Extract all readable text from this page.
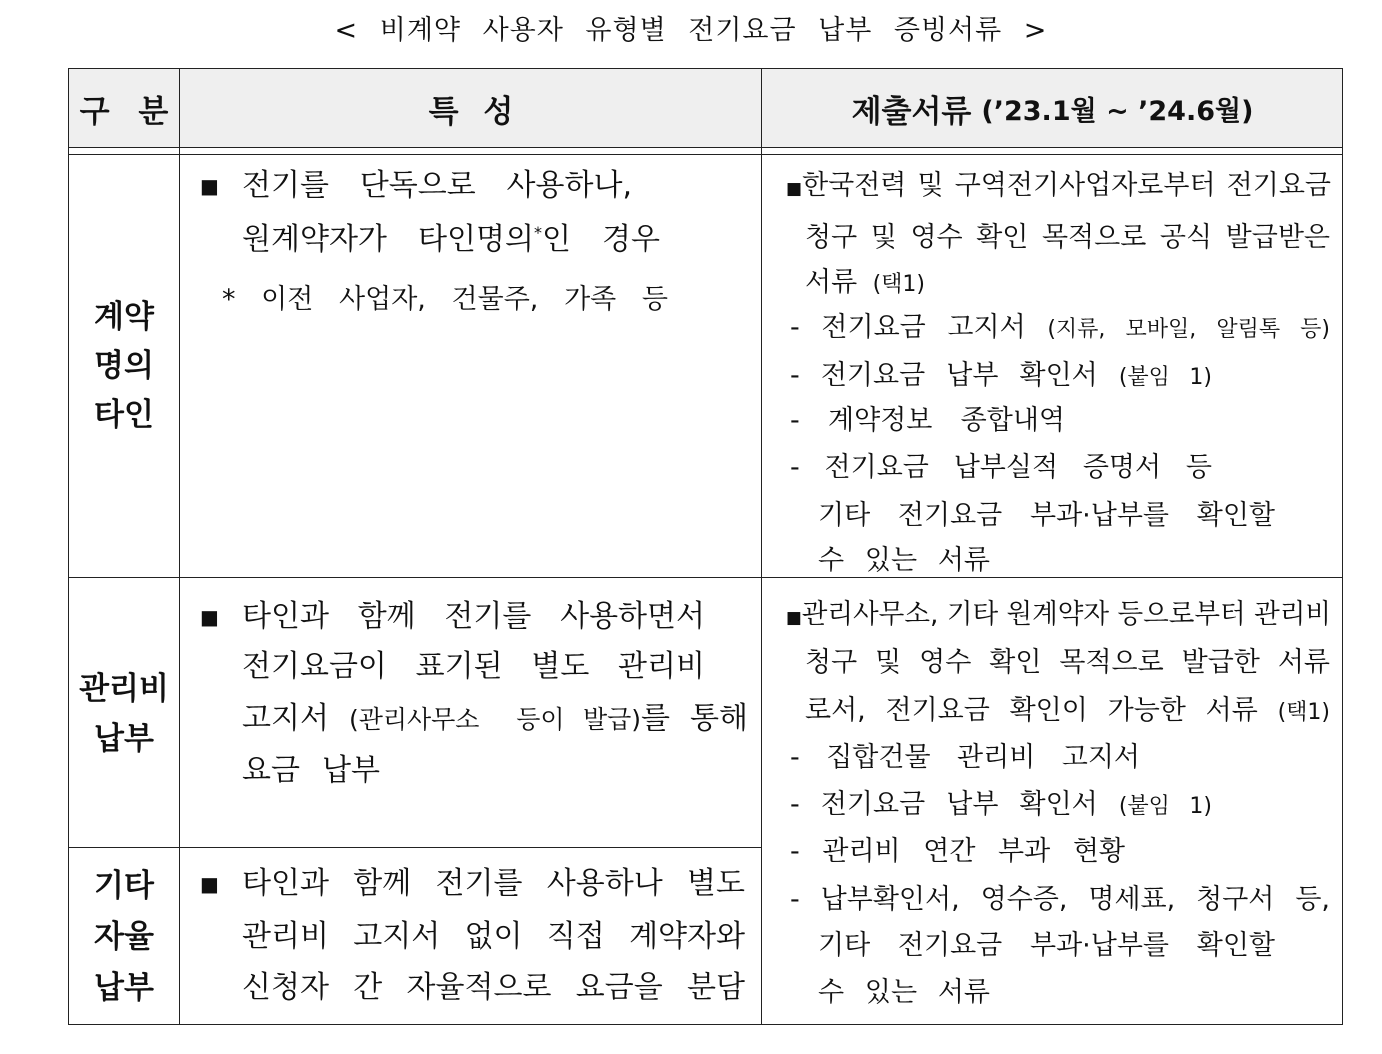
< 비계약 사용자 유형별 전기요금 납부 증빙서류 >
구 분	특 성	제출서류 (’23.1월 ~ ’24.6월)
계약
명의
타인
관리비
납부
기타
자율
납부
■ 전기를 단독으로 사용하나,
원계약자가 타인명의*인 경우
* 이전 사업자, 건물주, 가족 등
■한국전력 및 구역전기사업자로부터 전기요금
청구 및 영수 확인 목적으로 공식 발급받은
서류 (택1)
- 전기요금 고지서 (지류, 모바일, 알림톡 등)
- 전기요금 납부 확인서 (붙임 1)
- 계약정보 종합내역
- 전기요금 납부실적 증명서 등
기타 전기요금 부과·납부를 확인할
수 있는 서류
■ 타인과 함께 전기를 사용하면서
전기요금이 표기된 별도 관리비
고지서 (관리사무소  등이 발급)를 통해
요금 납부
■관리사무소, 기타 원계약자 등으로부터 관리비
청구 및 영수 확인 목적으로 발급한 서류
로서, 전기요금 확인이 가능한 서류 (택1)
- 집합건물 관리비 고지서
- 전기요금 납부 확인서 (붙임 1)
- 관리비 연간 부과 현황
- 납부확인서, 영수증, 명세표, 청구서 등,
기타 전기요금 부과·납부를 확인할
수 있는 서류
■ 타인과 함께 전기를 사용하나 별도
관리비 고지서 없이 직접 계약자와
신청자 간 자율적으로 요금을 분담
